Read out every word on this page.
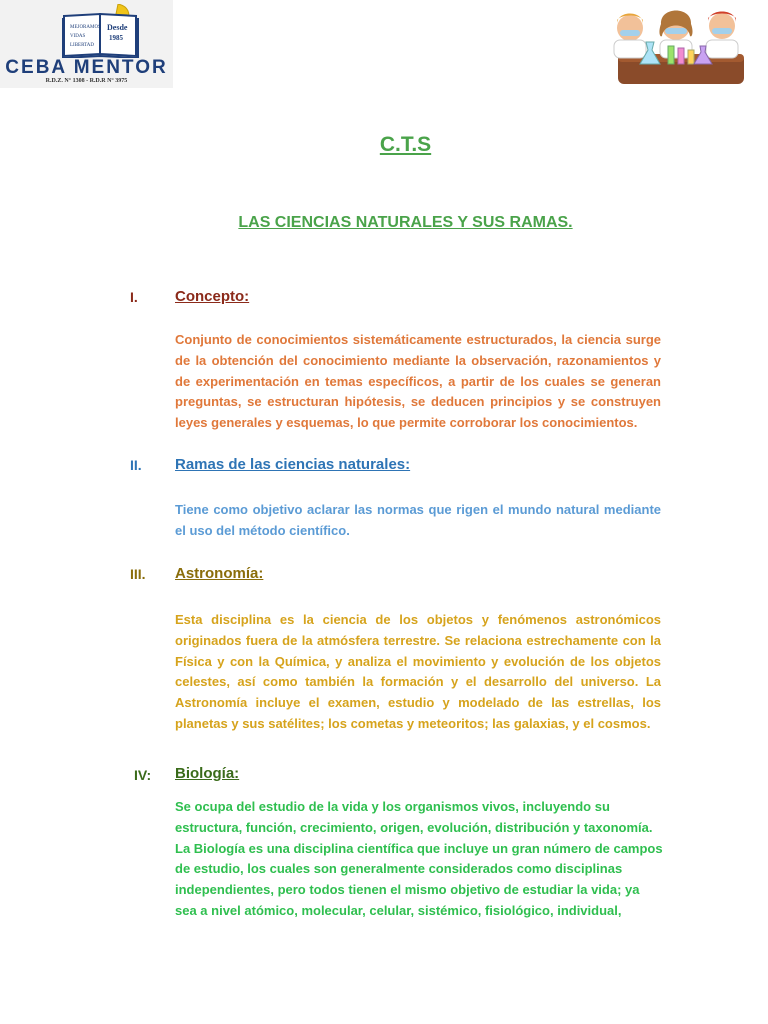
MEJORAMOS
VIDAS
LIBERTAD
Desde
1985
CEBA MENTOR
R.D.Z. N° 1308 - R.D.R N° 3975
C.T.S
LAS CIENCIAS NATURALES Y SUS RAMAS.
I. Concepto:
Conjunto de conocimientos sistemáticamente estructurados, la ciencia surge
de la obtención del conocimiento mediante la observación, razonamientos y
de experimentación en temas específicos, a partir de los cuales se generan
preguntas, se estructuran hipótesis, se deducen principios y se construyen
leyes generales y esquemas, lo que permite corroborar los conocimientos.
II. Ramas de las ciencias naturales:
Tiene como objetivo aclarar las normas que rigen el mundo natural mediante
el uso del método científico.
III. Astronomía:
Esta disciplina es la ciencia de los objetos y fenómenos astronómicos
originados fuera de la atmósfera terrestre. Se relaciona estrechamente con la
Física y con la Química, y analiza el movimiento y evolución de los objetos
celestes, así como también la formación y el desarrollo del universo. La
Astronomía incluye el examen, estudio y modelado de las estrellas, los
planetas y sus satélites; los cometas y meteoritos; las galaxias, y el cosmos.
IV: Biología:
Se ocupa del estudio de la vida y los organismos vivos, incluyendo su
estructura, función, crecimiento, origen, evolución, distribución y taxonomía.
La Biología es una disciplina científica que incluye un gran número de campos
de estudio, los cuales son generalmente considerados como disciplinas
independientes, pero todos tienen el mismo objetivo de estudiar la vida; ya
sea a nivel atómico, molecular, celular, sistémico, fisiológico, individual,
